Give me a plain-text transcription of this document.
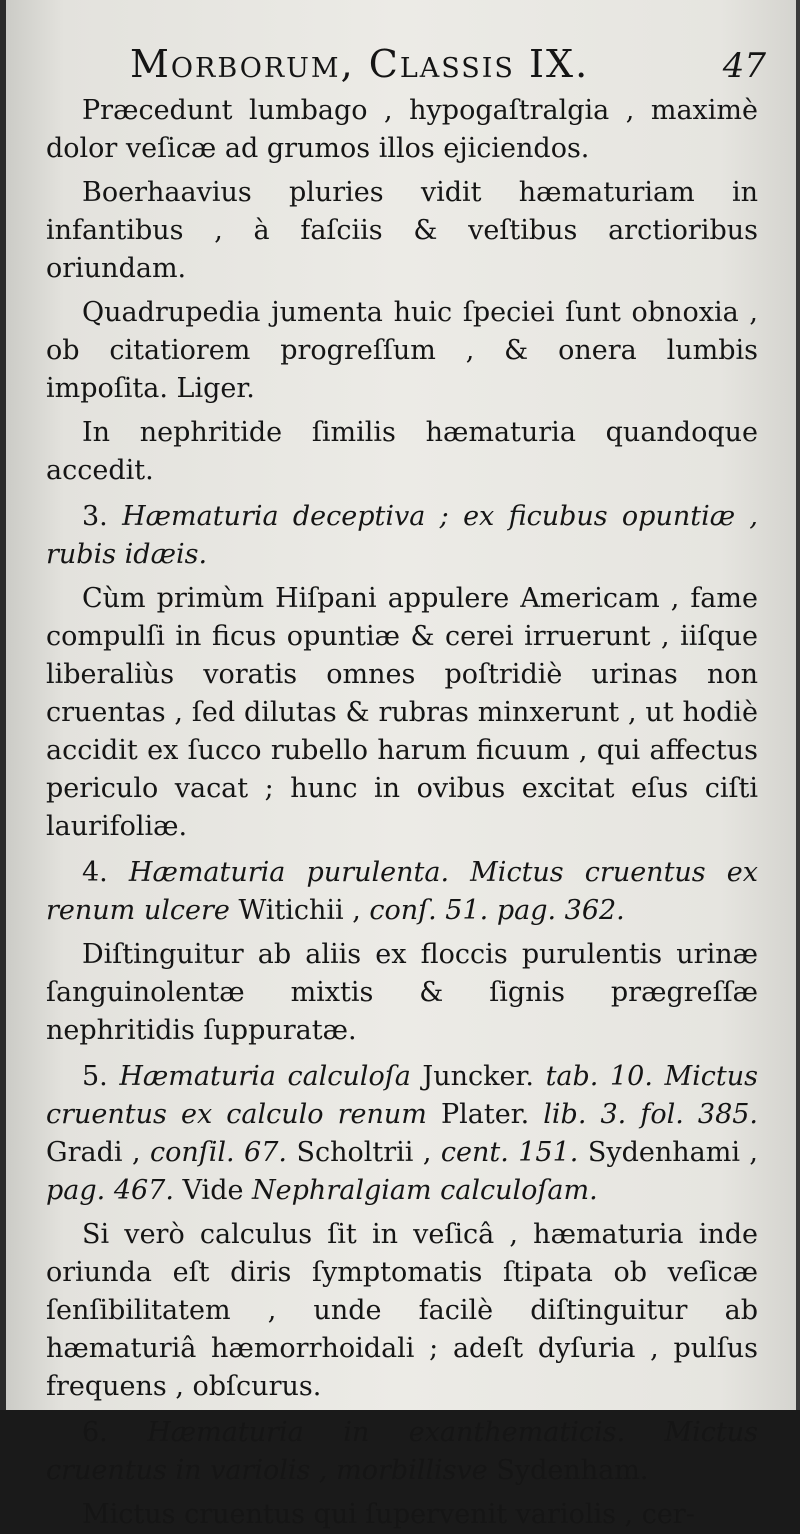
Morborum, Classis IX.	47

Præcedunt lumbago , hypogaſtralgia , maximè dolor veſicæ ad grumos illos ejiciendos.

Boerhaavius pluries vidit hæmaturiam in infantibus , à faſciis & veſtibus arctioribus oriundam.

Quadrupedia jumenta huic ſpeciei ſunt obnoxia , ob citatiorem progreſſum , & onera lumbis impoſita. Liger.

In nephritide ſimilis hæmaturia quandoque accedit.

3. Hæmaturia deceptiva ; ex ficubus opuntiæ , rubis idæis.

Cùm primùm Hiſpani appulere Americam , fame compulſi in ficus opuntiæ & cerei irruerunt , iiſque liberaliùs voratis omnes poſtridiè urinas non cruentas , ſed dilutas & rubras minxerunt , ut hodiè accidit ex ſucco rubello harum ficuum , qui affectus periculo vacat ; hunc in ovibus excitat eſus ciſti laurifoliæ.

4. Hæmaturia purulenta. Mictus cruentus ex renum ulcere Witichii , conſ. 51. pag. 362.

Diſtinguitur ab aliis ex floccis purulentis urinæ ſanguinolentæ mixtis & ſignis prægreſſæ nephritidis ſuppuratæ.

5. Hæmaturia calculoſa Juncker. tab. 10. Mictus cruentus ex calculo renum Plater. lib. 3. fol. 385. Gradi , conſil. 67. Scholtrii , cent. 151. Sydenhami , pag. 467. Vide Nephralgiam calculoſam.

Si verò calculus ſit in veſicâ , hæmaturia inde oriunda eſt diris ſymptomatis ſtipata ob veſicæ ſenſibilitatem , unde facilè diſtinguitur ab hæmaturiâ hæmorrhoidali ; adeſt dyſuria , pulſus frequens , obſcurus.

6. Hæmaturia in exanthematicis. Mictus cruentus in variolis , morbillisve Sydenham.

Mictus cruentus qui ſupervenit variolis , cer-
